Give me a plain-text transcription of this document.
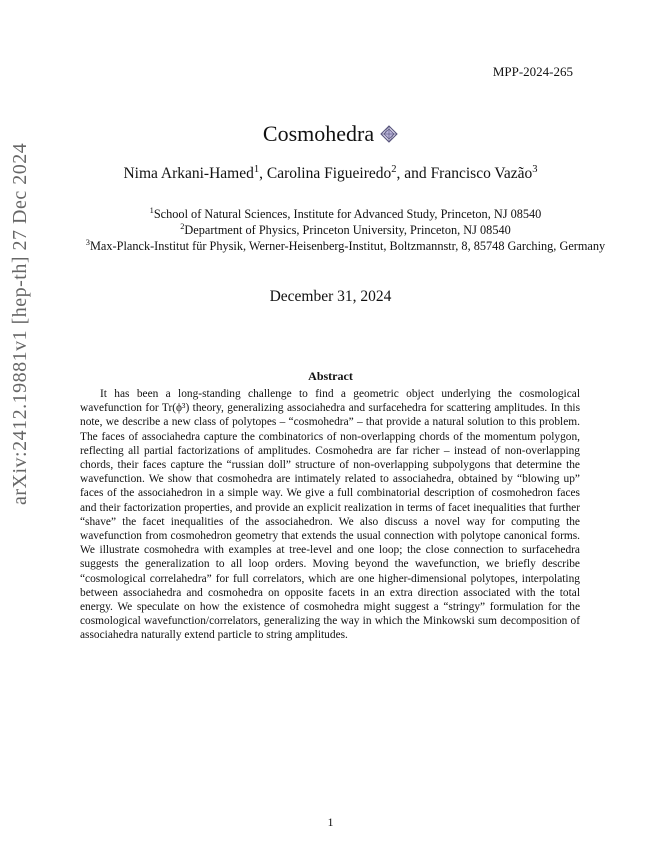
arXiv:2412.19881v1 [hep-th] 27 Dec 2024
MPP-2024-265
Cosmohedra
Nima Arkani-Hamed$^1$, Carolina Figueiredo$^2$, and Francisco Vazão$^3$
$^1$School of Natural Sciences, Institute for Advanced Study, Princeton, NJ 08540
$^2$Department of Physics, Princeton University, Princeton, NJ 08540
$^3$Max-Planck-Institut für Physik, Werner-Heisenberg-Institut, Boltzmannstr, 8, 85748 Garching, Germany
December 31, 2024
Abstract
It has been a long-standing challenge to find a geometric object underlying the cosmological wavefunction for Tr(ϕ³) theory, generalizing associahedra and surfacehedra for scattering amplitudes. In this note, we describe a new class of polytopes – “cosmohedra” – that provide a natural solution to this problem. The faces of associahedra capture the combinatorics of non-overlapping chords of the momentum polygon, reflecting all partial factorizations of amplitudes. Cosmohedra are far richer – instead of non-overlapping chords, their faces capture the “russian doll” structure of non-overlapping subpolygons that determine the wavefunction. We show that cosmohedra are intimately related to associahedra, obtained by “blowing up” faces of the associahedron in a simple way. We give a full combinatorial description of cosmohedron faces and their factorization properties, and provide an explicit realization in terms of facet inequalities that further “shave” the facet inequalities of the associahedron. We also discuss a novel way for computing the wavefunction from cosmohedron geometry that extends the usual connection with polytope canonical forms. We illustrate cosmohedra with examples at tree-level and one loop; the close connection to surfacehedra suggests the generalization to all loop orders. Moving beyond the wavefunction, we briefly describe “cosmological correlahedra” for full correlators, which are one higher-dimensional polytopes, interpolating between associahedra and cosmohedra on opposite facets in an extra direction associated with the total energy. We speculate on how the existence of cosmohedra might suggest a “stringy” formulation for the cosmological wavefunction/correlators, generalizing the way in which the Minkowski sum decomposition of associahedra naturally extend particle to string amplitudes.
1
